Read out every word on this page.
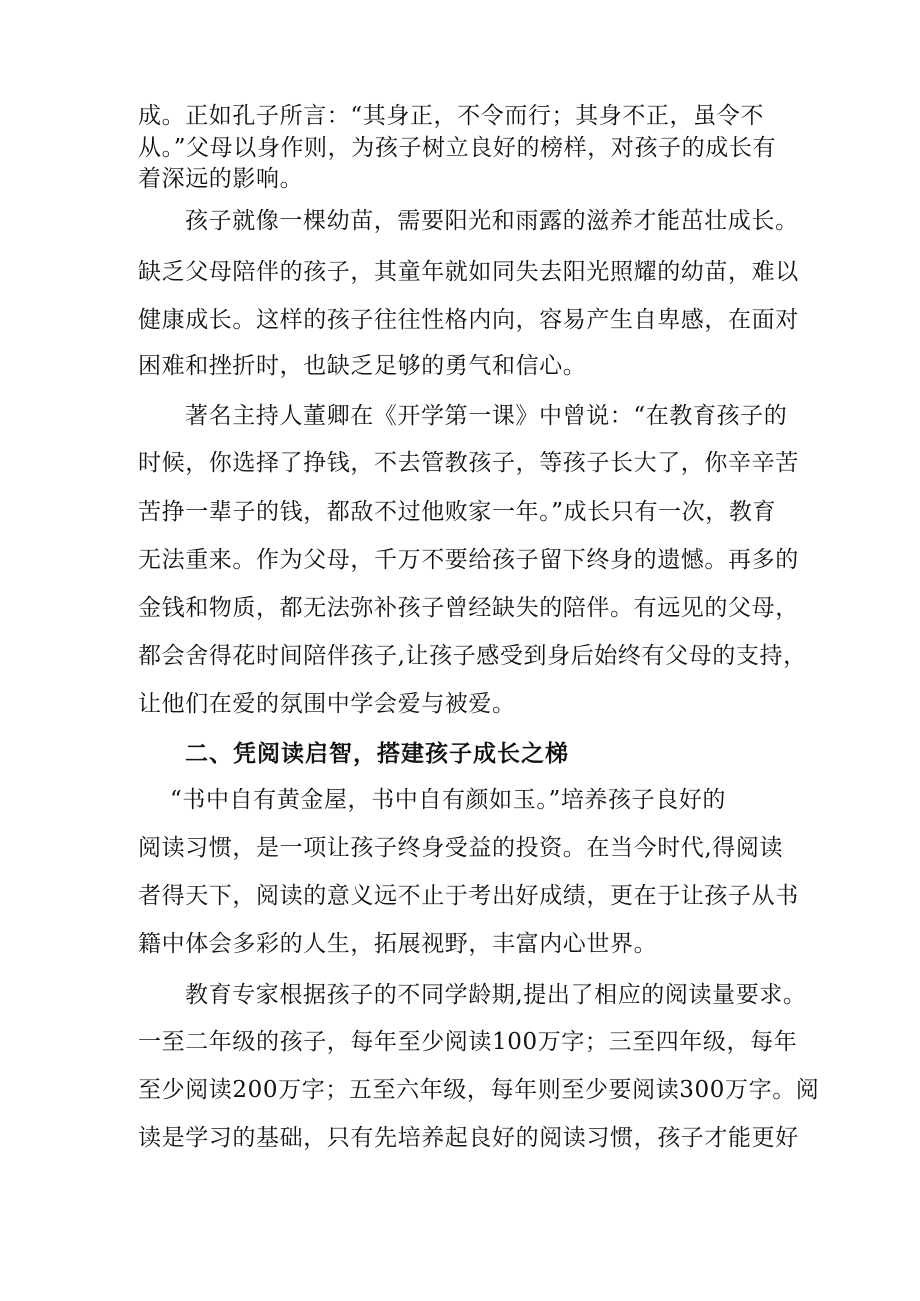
成。正如孔子所言：“其身正，不令而行；其身不正，虽令不
从。”父母以身作则，为孩子树立良好的榜样，对孩子的成长有
着深远的影响。
孩子就像一棵幼苗，需要阳光和雨露的滋养才能茁壮成长。
缺乏父母陪伴的孩子，其童年就如同失去阳光照耀的幼苗，难以
健康成长。这样的孩子往往性格内向，容易产生自卑感，在面对
困难和挫折时，也缺乏足够的勇气和信心。
著名主持人董卿在《开学第一课》中曾说：“在教育孩子的
时候，你选择了挣钱，不去管教孩子，等孩子长大了，你辛辛苦
苦挣一辈子的钱，都敌不过他败家一年。”成长只有一次，教育
无法重来。作为父母，千万不要给孩子留下终身的遗憾。再多的
金钱和物质，都无法弥补孩子曾经缺失的陪伴。有远见的父母，
都会舍得花时间陪伴孩子,让孩子感受到身后始终有父母的支持，
让他们在爱的氛围中学会爱与被爱。
二、凭阅读启智，搭建孩子成长之梯
“书中自有黄金屋，书中自有颜如玉。”培养孩子良好的
阅读习惯，是一项让孩子终身受益的投资。在当今时代,得阅读
者得天下，阅读的意义远不止于考出好成绩，更在于让孩子从书
籍中体会多彩的人生，拓展视野，丰富内心世界。
教育专家根据孩子的不同学龄期,提出了相应的阅读量要求。
一至二年级的孩子，每年至少阅读100万字；三至四年级，每年
至少阅读200万字；五至六年级，每年则至少要阅读300万字。阅
读是学习的基础，只有先培养起良好的阅读习惯，孩子才能更好
